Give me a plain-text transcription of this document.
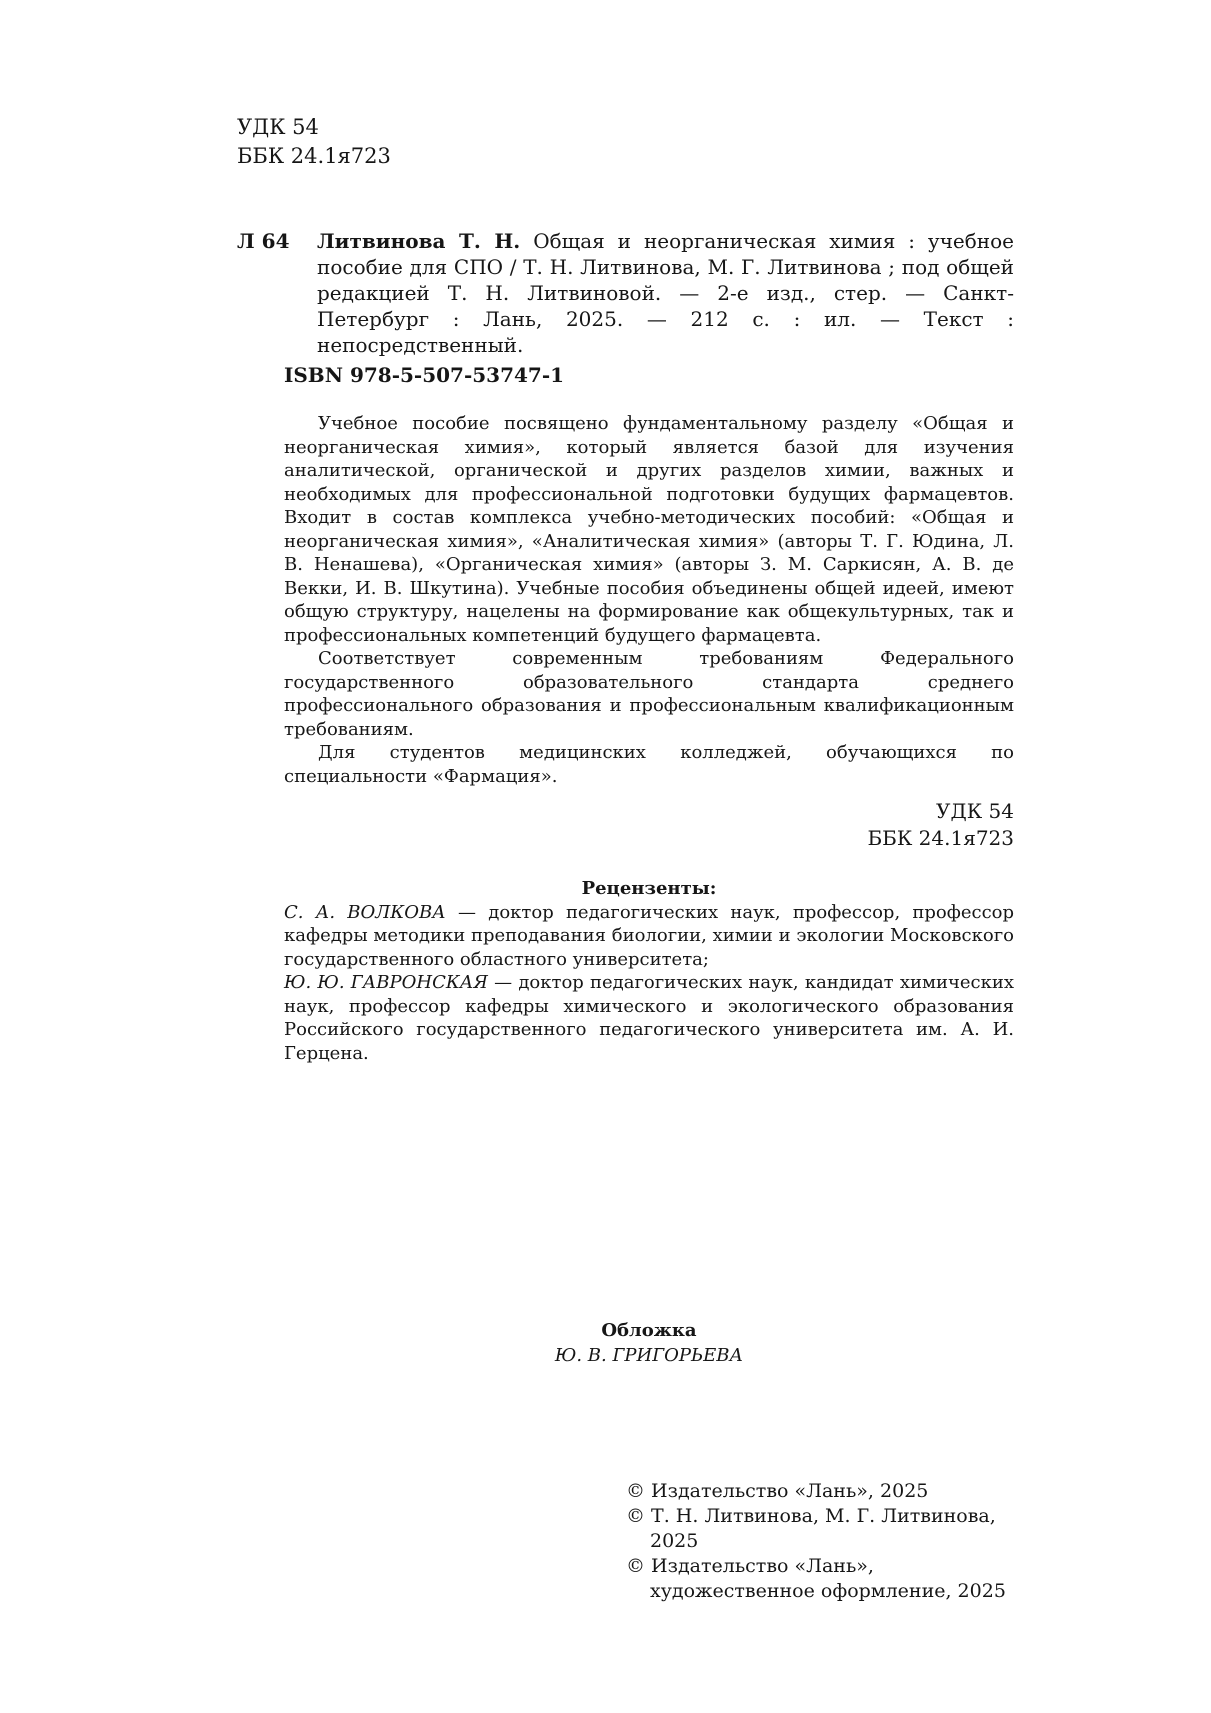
УДК 54
ББК 24.1я723
Л 64 Литвинова Т. Н. Общая и неорганическая химия : учебное пособие для СПО / Т. Н. Литвинова, М. Г. Литвинова ; под общей редакцией Т. Н. Литвиновой. — 2-е изд., стер. — Санкт-Петербург : Лань, 2025. — 212 с. : ил. — Текст : непосредственный.
ISBN 978-5-507-53747-1

Учебное пособие посвящено фундаментальному разделу «Общая и неорганическая химия», который является базой для изучения аналитической, органической и других разделов химии, важных и необходимых для профессиональной подготовки будущих фармацевтов. Входит в состав комплекса учебно-методических пособий: «Общая и неорганическая химия», «Аналитическая химия» (авторы Т. Г. Юдина, Л. В. Ненашева), «Органическая химия» (авторы З. М. Саркисян, А. В. де Векки, И. В. Шкутина). Учебные пособия объединены общей идеей, имеют общую структуру, нацелены на формирование как общекультурных, так и профессиональных компетенций будущего фармацевта.

Соответствует современным требованиям Федерального государственного образовательного стандарта среднего профессионального образования и профессиональным квалификационным требованиям.

Для студентов медицинских колледжей, обучающихся по специальности «Фармация».

УДК 54
ББК 24.1я723
Рецензенты:

С. А. ВОЛКОВА — доктор педагогических наук, профессор, профессор кафедры методики преподавания биологии, химии и экологии Московского государственного областного университета;

Ю. Ю. ГАВРОНСКАЯ — доктор педагогических наук, кандидат химических наук, профессор кафедры химического и экологического образования Российского государственного педагогического университета им. А. И. Герцена.

Обложка
Ю. В. ГРИГОРЬЕВА
© Издательство «Лань», 2025
© Т. Н. Литвинова, М. Г. Литвинова, 2025
© Издательство «Лань», художественное оформление, 2025
